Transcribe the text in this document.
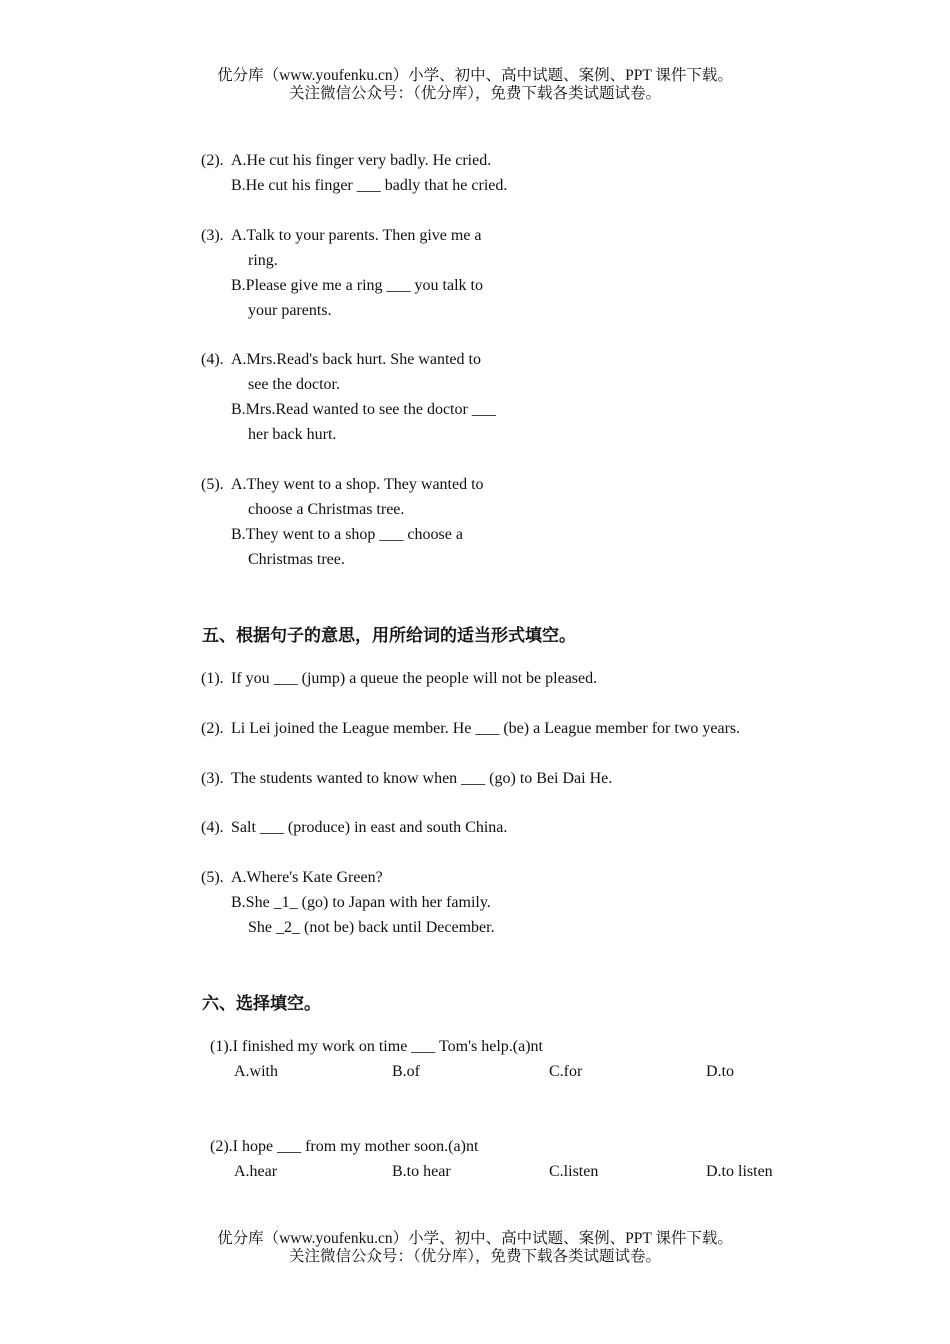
优分库（www.youfenku.cn）小学、初中、高中试题、案例、PPT 课件下载。
关注微信公众号：（优分库），免费下载各类试题试卷。
(2). A.He cut his finger very badly. He cried.
B.He cut his finger ___ badly that he cried.
(3). A.Talk to your parents. Then give me a
ring.
B.Please give me a ring ___ you talk to
your parents.
(4). A.Mrs.Read's back hurt. She wanted to
see the doctor.
B.Mrs.Read wanted to see the doctor ___
her back hurt.
(5). A.They went to a shop. They wanted to
choose a Christmas tree.
B.They went to a shop ___ choose a
Christmas tree.
五、根据句子的意思，用所给词的适当形式填空。
(1). If you ___ (jump) a queue the people will not be pleased.
(2). Li Lei joined the League member. He ___ (be) a League member for two years.
(3). The students wanted to know when ___ (go) to Bei Dai He.
(4). Salt ___ (produce) in east and south China.
(5). A.Where's Kate Green?
B.She _1_ (go) to Japan with her family.
She _2_ (not be) back until December.
六、选择填空。
(1).I finished my work on time ___ Tom's help.(a)nt
A.with	B.of	C.for	D.to
(2).I hope ___ from my mother soon.(a)nt
A.hear	B.to hear	C.listen	D.to listen
优分库（www.youfenku.cn）小学、初中、高中试题、案例、PPT 课件下载。
关注微信公众号：（优分库），免费下载各类试题试卷。
